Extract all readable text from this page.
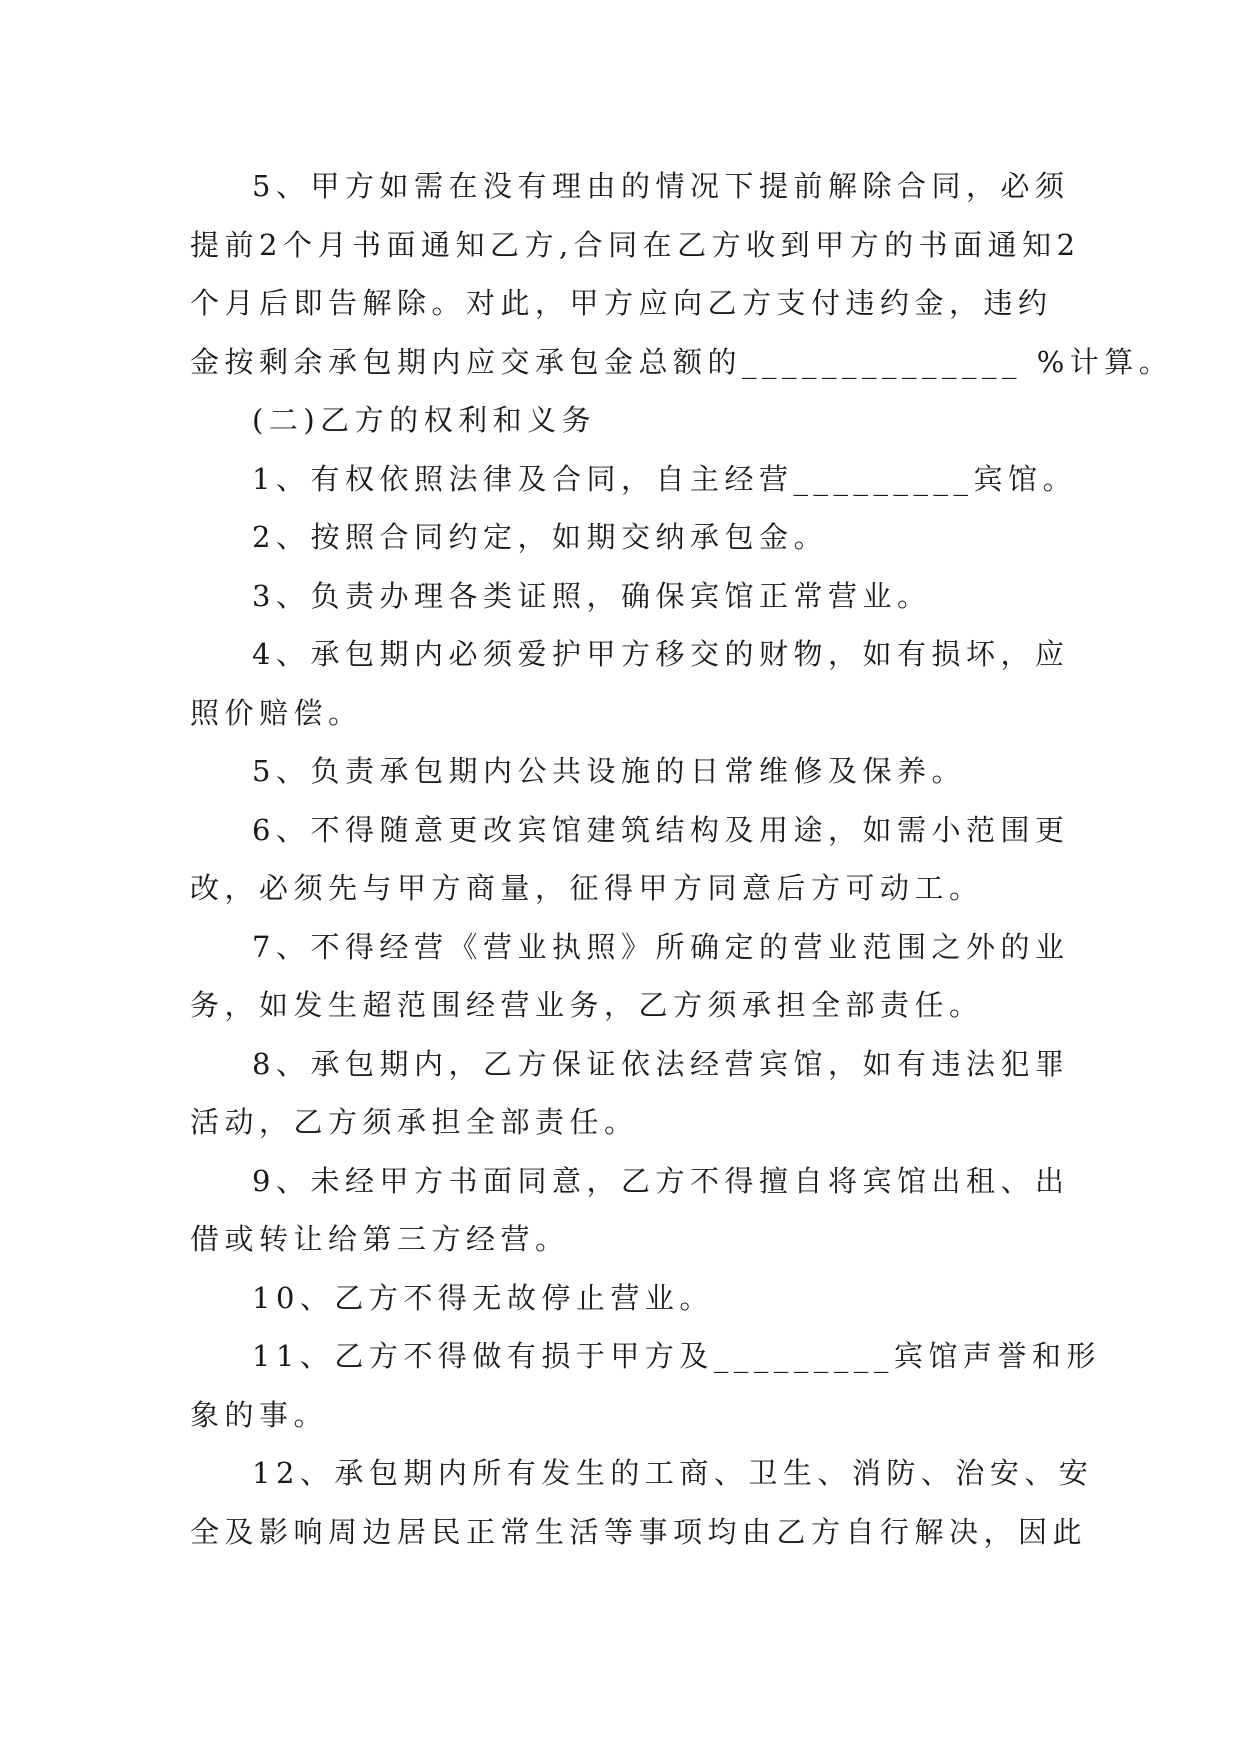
5、甲方如需在没有理由的情况下提前解除合同，必须
提前2个月书面通知乙方,合同在乙方收到甲方的书面通知2
个月后即告解除。对此，甲方应向乙方支付违约金，违约
金按剩余承包期内应交承包金总额的______________ %计算。
(二)乙方的权利和义务
1、有权依照法律及合同，自主经营_________宾馆。
2、按照合同约定，如期交纳承包金。
3、负责办理各类证照，确保宾馆正常营业。
4、承包期内必须爱护甲方移交的财物，如有损坏，应
照价赔偿。
5、负责承包期内公共设施的日常维修及保养。
6、不得随意更改宾馆建筑结构及用途，如需小范围更
改，必须先与甲方商量，征得甲方同意后方可动工。
7、不得经营《营业执照》所确定的营业范围之外的业
务，如发生超范围经营业务，乙方须承担全部责任。
8、承包期内，乙方保证依法经营宾馆，如有违法犯罪
活动，乙方须承担全部责任。
9、未经甲方书面同意，乙方不得擅自将宾馆出租、出
借或转让给第三方经营。
10、乙方不得无故停止营业。
11、乙方不得做有损于甲方及_________宾馆声誉和形
象的事。
12、承包期内所有发生的工商、卫生、消防、治安、安
全及影响周边居民正常生活等事项均由乙方自行解决，因此
